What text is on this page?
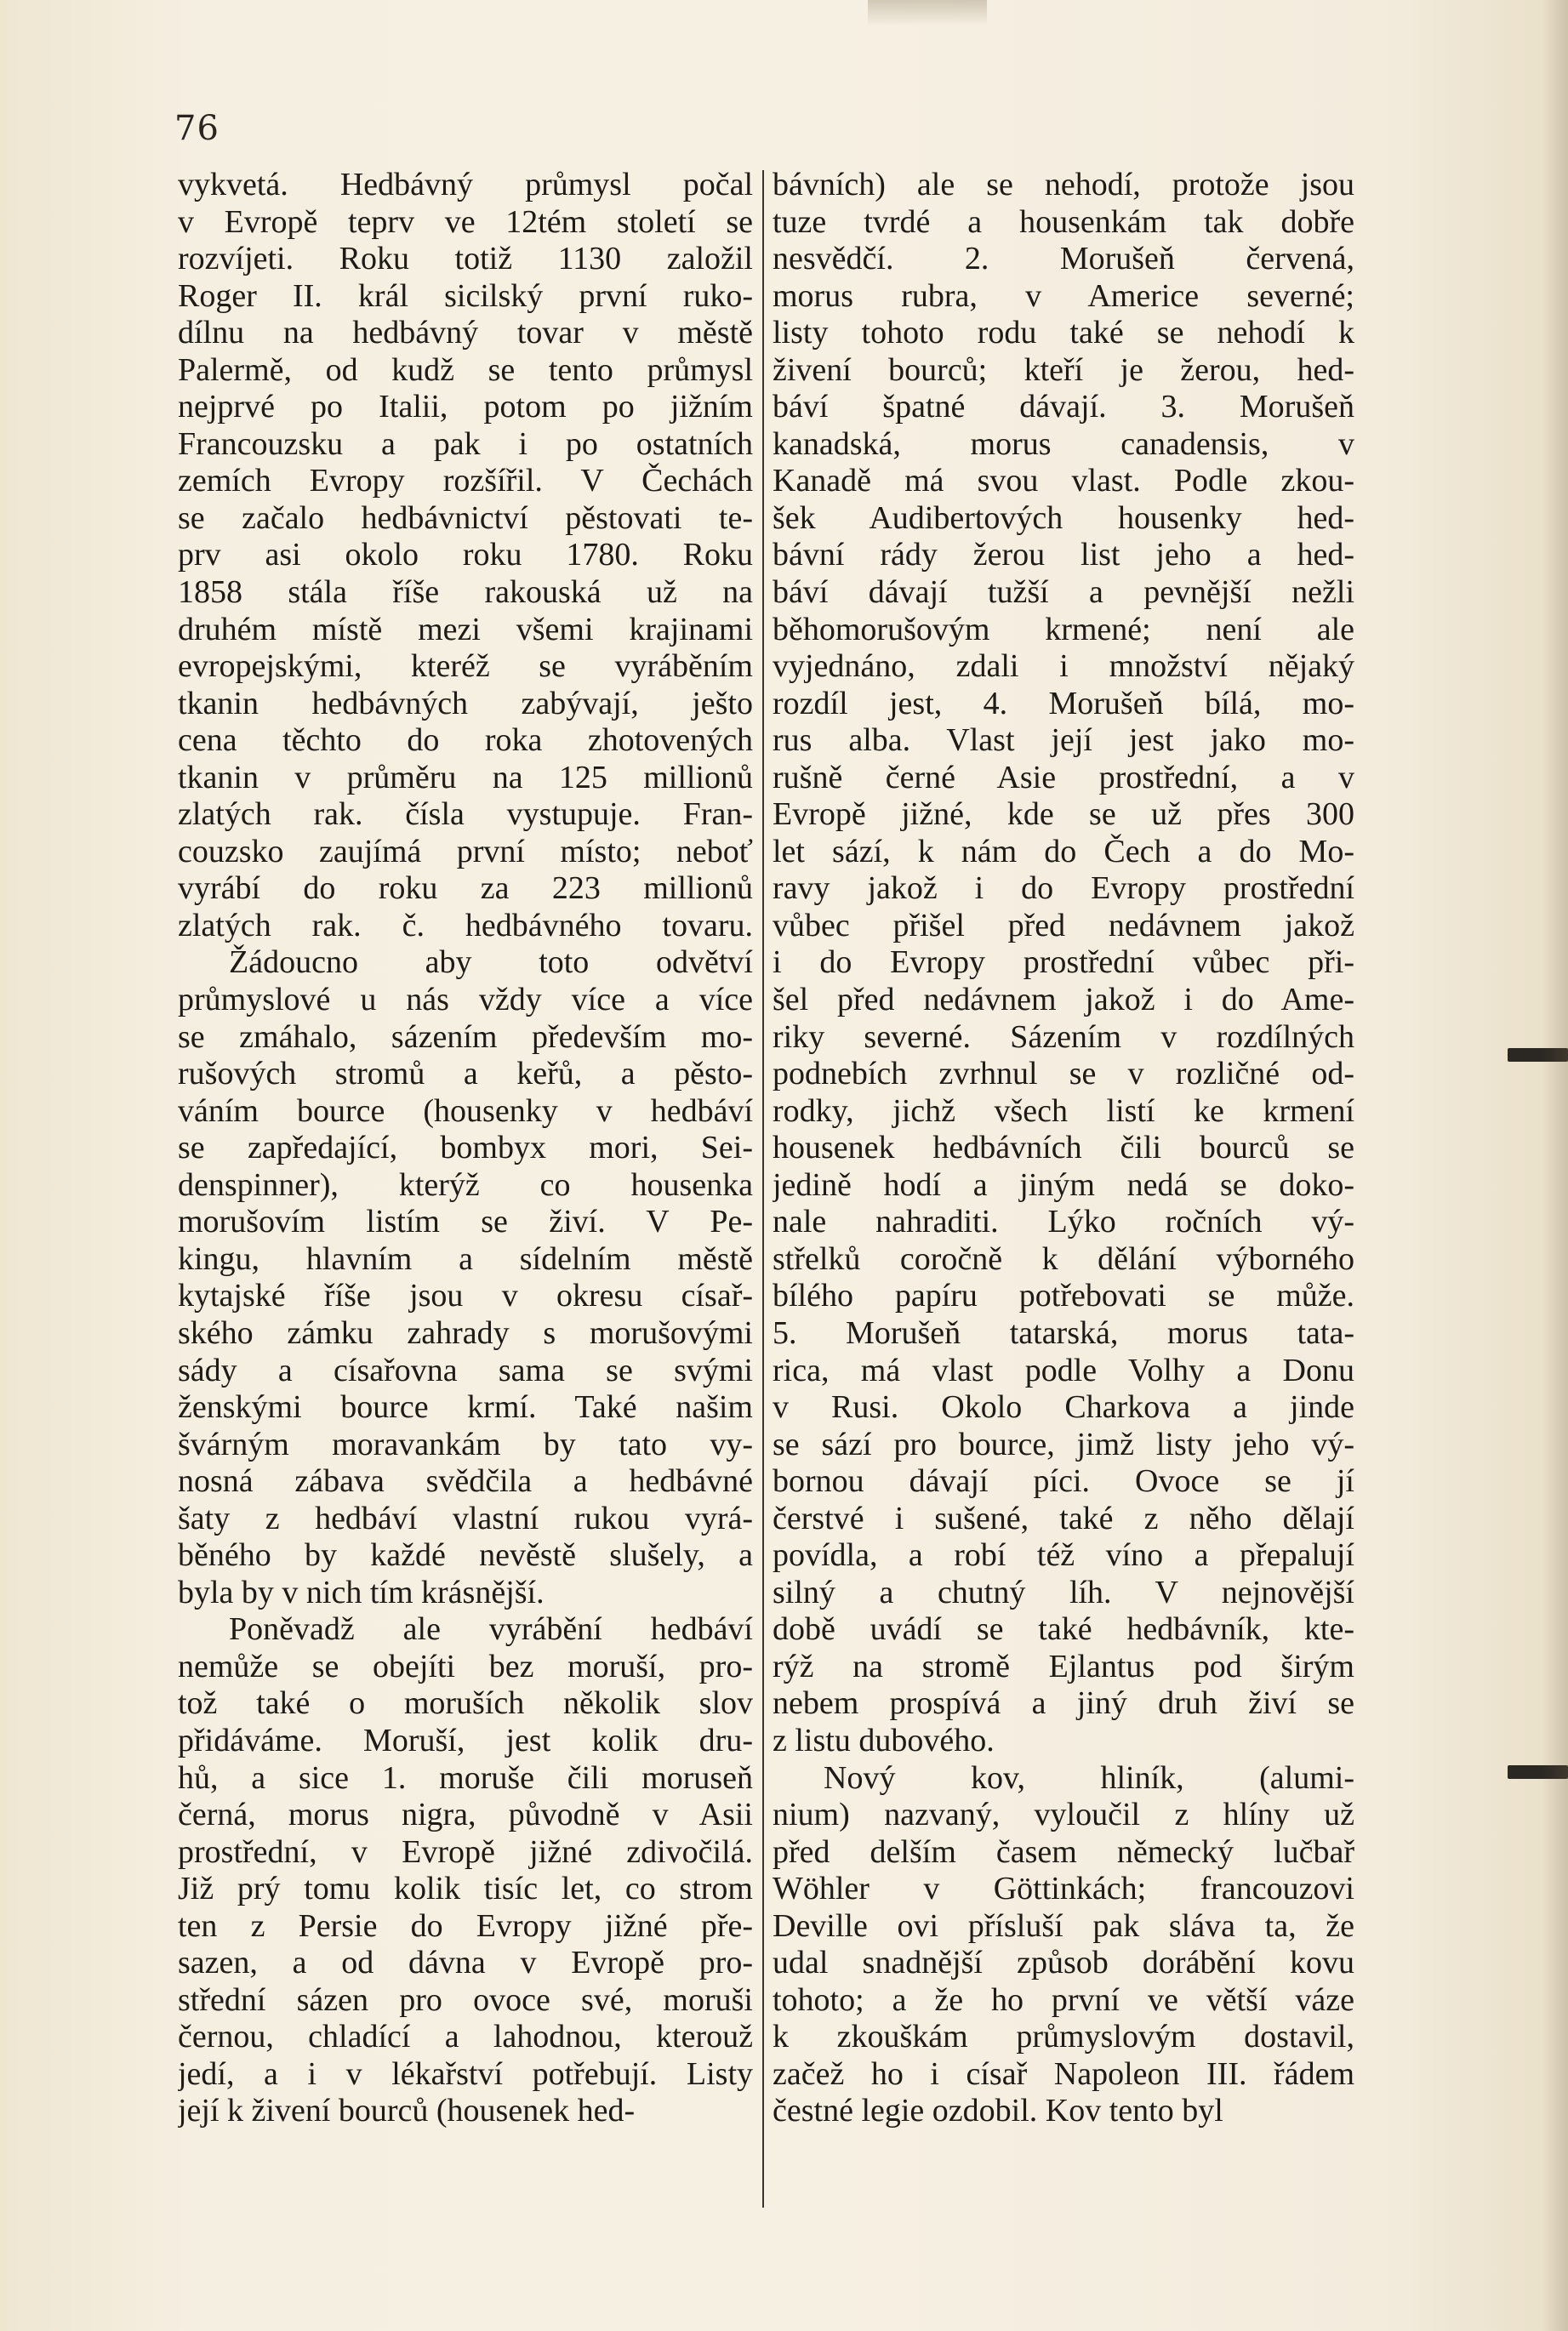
76

vykvetá. Hedbávný průmysl počal

v Evropě teprv ve 12tém století se

rozvíjeti. Roku totiž 1130 založil

Roger II. král sicilský první ruko-

dílnu na hedbávný tovar v městě

Palermě, od kudž se tento průmysl

nejprvé po Italii, potom po jižním

Francouzsku a pak i po ostatních

zemích Evropy rozšířil. V Čechách

se začalo hedbávnictví pěstovati te-

prv asi okolo roku 1780. Roku

1858 stála říše rakouská už na

druhém místě mezi všemi krajinami

evropejskými, kteréž se vyráběním

tkanin hedbávných zabývají, ješto

cena těchto do roka zhotovených

tkanin v průměru na 125 millionů

zlatých rak. čísla vystupuje. Fran-

couzsko zaujímá první místo; neboť

vyrábí do roku za 223 millionů

zlatých rak. č. hedbávného tovaru.

Žádoucno aby toto odvětví

průmyslové u nás vždy více a více

se zmáhalo, sázením především mo-

rušových stromů a keřů, a pěsto-

váním bource (housenky v hedbáví

se zapředající, bombyx mori, Sei-

denspinner), kterýž co housenka

morušovím listím se živí. V Pe-

kingu, hlavním a sídelním městě

kytajské říše jsou v okresu císař-

ského zámku zahrady s morušovými

sády a císařovna sama se svými

ženskými bource krmí. Také našim

švárným moravankám by tato vy-

nosná zábava svědčila a hedbávné

šaty z hedbáví vlastní rukou vyrá-

běného by každé nevěstě slušely, a

byla by v nich tím krásnější.

Poněvadž ale vyrábění hedbáví

nemůže se obejíti bez moruší, pro-

tož také o moruších několik slov

přidáváme. Moruší, jest kolik dru-

hů, a sice 1. moruše čili moruseň

černá, morus nigra, původně v Asii

prostřední, v Evropě jižné zdivočilá.

Již prý tomu kolik tisíc let, co strom

ten z Persie do Evropy jižné pře-

sazen, a od dávna v Evropě pro-

střední sázen pro ovoce své, moruši

černou, chladící a lahodnou, kterouž

jedí, a i v lékařství potřebují. Listy

její k živení bourců (housenek hed-

bávních) ale se nehodí, protože jsou

tuze tvrdé a housenkám tak dobře

nesvědčí. 2. Morušeň červená,

morus rubra, v Americe severné;

listy tohoto rodu také se nehodí k

živení bourců; kteří je žerou, hed-

báví špatné dávají. 3. Morušeň

kanadská, morus canadensis, v

Kanadě má svou vlast. Podle zkou-

šek Audibertových housenky hed-

bávní rády žerou list jeho a hed-

báví dávají tužší a pevnější nežli

běhomorušovým krmené; není ale

vyjednáno, zdali i množství nějaký

rozdíl jest, 4. Morušeň bílá, mo-

rus alba. Vlast její jest jako mo-

rušně černé Asie prostřední, a v

Evropě jižné, kde se už přes 300

let sází, k nám do Čech a do Mo-

ravy jakož i do Evropy prostřední

vůbec přišel před nedávnem jakož

i do Evropy prostřední vůbec při-

šel před nedávnem jakož i do Ame-

riky severné. Sázením v rozdílných

podnebích zvrhnul se v rozličné od-

rodky, jichž všech listí ke krmení

housenek hedbávních čili bourců se

jedině hodí a jiným nedá se doko-

nale nahraditi. Lýko ročních vý-

střelků coročně k dělání výborného

bílého papíru potřebovati se může.

5. Morušeň tatarská, morus tata-

rica, má vlast podle Volhy a Donu

v Rusi. Okolo Charkova a jinde

se sází pro bource, jimž listy jeho vý-

bornou dávají píci. Ovoce se jí

čerstvé i sušené, také z něho dělají

povídla, a robí též víno a přepalují

silný a chutný líh. V nejnovější

době uvádí se také hedbávník, kte-

rýž na stromě Ejlantus pod širým

nebem prospívá a jiný druh živí se

z listu dubového.

Nový kov, hliník, (alumi-

nium) nazvaný, vyloučil z hlíny už

před delším časem německý lučbař

Wöhler v Göttinkách; francouzovi

Deville ovi přísluší pak sláva ta, že

udal snadnější způsob dorábění kovu

tohoto; a že ho první ve větší váze

k zkouškám průmyslovým dostavil,

začež ho i císař Napoleon III. řádem

čestné legie ozdobil. Kov tento byl
